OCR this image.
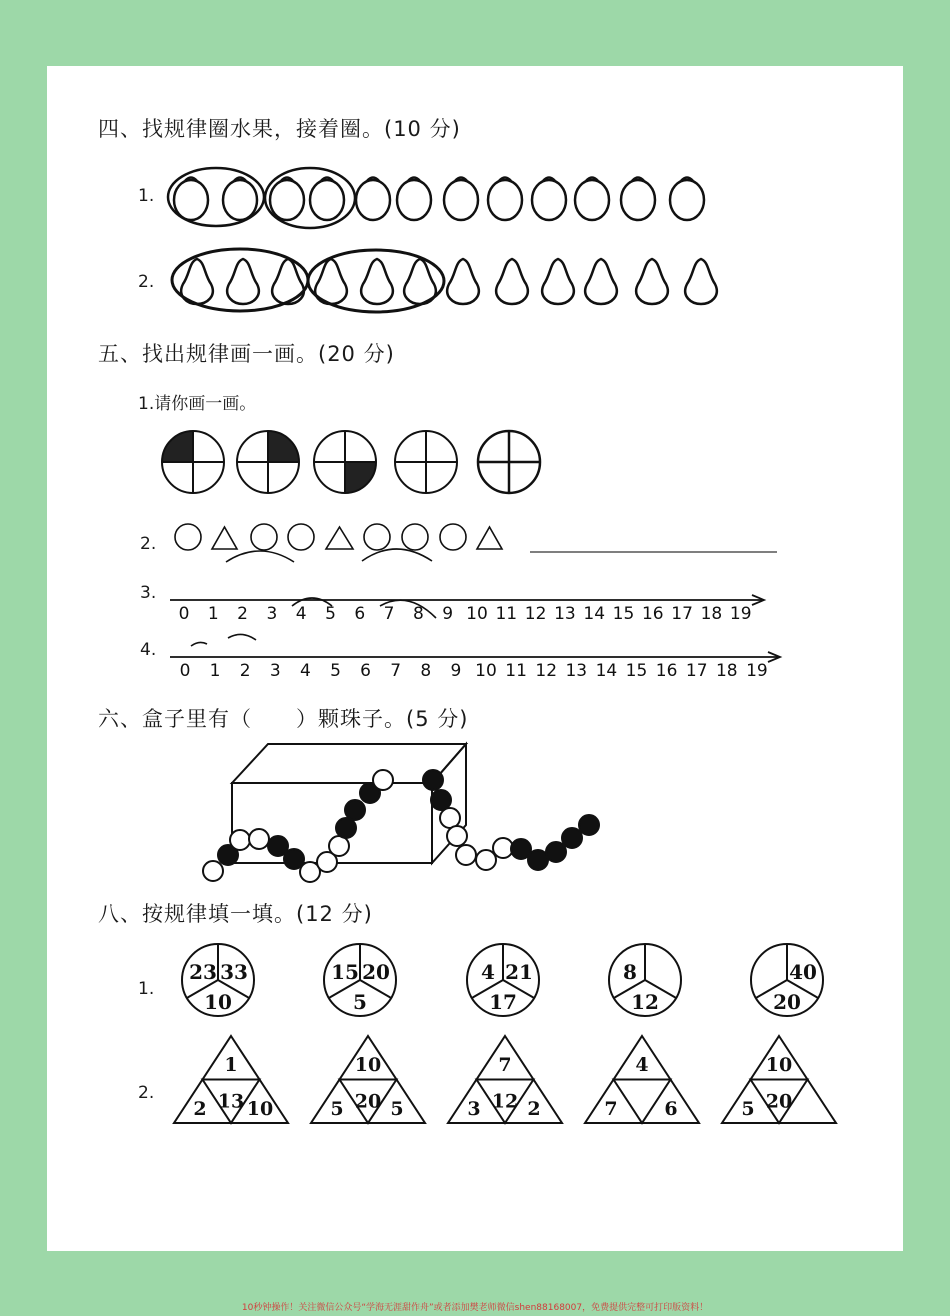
四、找规律圈水果，接着圈。(10 分)
1.
2.
0 1 2 3 4 5 6 7 8 9 10 11 12 13 14 15 16 17 18 19
0 1 2 3 4 5 6 7 8 9 10 11 12 13 14 15 16 17 18 19
23 33
10
15 20
5
4 21
17
8
12
40
20
1
13
2 10
10
20
5 5
7
12
3 2
4
7 6
10
20
5
五、找出规律画一画。(20 分)
1.请你画一画。
2.
3.
4.
六、盒子里有（　　）颗珠子。(5 分)
八、按规律填一填。(12 分)
1.
2.
10秒钟操作！关注微信公众号“学海无涯甜作舟”或者添加樊老师微信shen88168007，免费提供完整可打印版资料！
